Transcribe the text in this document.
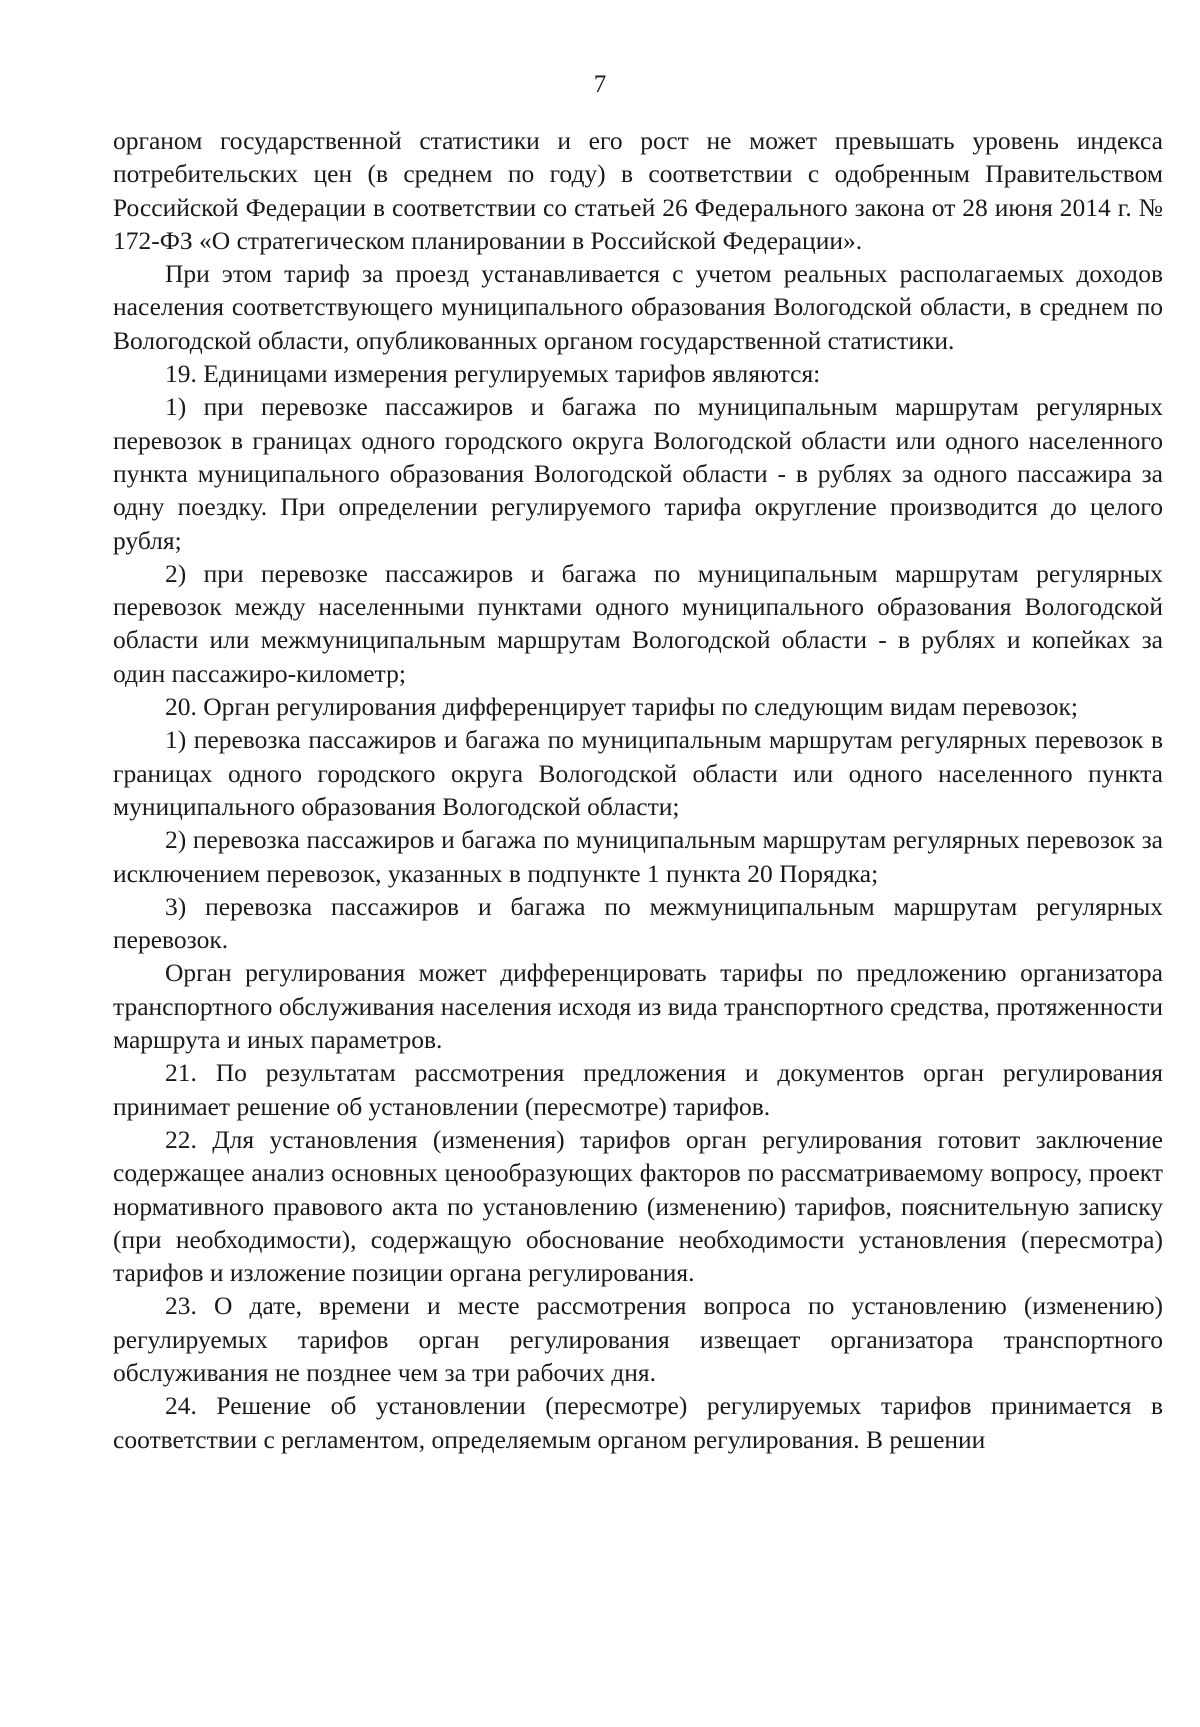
7

органом государственной статистики и его рост не может превышать уровень индекса потребительских цен (в среднем по году) в соответствии с одобренным Правительством Российской Федерации в соответствии со статьей 26 Федерального закона от 28 июня 2014 г. № 172-ФЗ «О стратегическом планировании в Российской Федерации».

При этом тариф за проезд устанавливается с учетом реальных располагаемых доходов населения соответствующего муниципального образования Вологодской области, в среднем по Вологодской области, опубликованных органом государственной статистики.

19. Единицами измерения регулируемых тарифов являются:

1) при перевозке пассажиров и багажа по муниципальным маршрутам регулярных перевозок в границах одного городского округа Вологодской области или одного населенного пункта муниципального образования Вологодской области - в рублях за одного пассажира за одну поездку. При определении регулируемого тарифа округление производится до целого рубля;

2) при перевозке пассажиров и багажа по муниципальным маршрутам регулярных перевозок между населенными пунктами одного муниципального образования Вологодской области или межмуниципальным маршрутам Вологодской области - в рублях и копейках за один пассажиро-километр;

20. Орган регулирования дифференцирует тарифы по следующим видам перевозок;

1) перевозка пассажиров и багажа по муниципальным маршрутам регулярных перевозок в границах одного городского округа Вологодской области или одного населенного пункта муниципального образования Вологодской области;

2) перевозка пассажиров и багажа по муниципальным маршрутам регулярных перевозок за исключением перевозок, указанных в подпункте 1 пункта 20 Порядка;

3) перевозка пассажиров и багажа по межмуниципальным маршрутам регулярных перевозок.

Орган регулирования может дифференцировать тарифы по предложению организатора транспортного обслуживания населения исходя из вида транспортного средства, протяженности маршрута и иных параметров.

21. По результатам рассмотрения предложения и документов орган регулирования принимает решение об установлении (пересмотре) тарифов.

22. Для установления (изменения) тарифов орган регулирования готовит заключение содержащее анализ основных ценообразующих факторов по рассматриваемому вопросу, проект нормативного правового акта по установлению (изменению) тарифов, пояснительную записку (при необходимости), содержащую обоснование необходимости установления (пересмотра) тарифов и изложение позиции органа регулирования.

23. О дате, времени и месте рассмотрения вопроса по установлению (изменению) регулируемых тарифов орган регулирования извещает организатора транспортного обслуживания не позднее чем за три рабочих дня.

24. Решение об установлении (пересмотре) регулируемых тарифов принимается в соответствии с регламентом, определяемым органом регулирования. В решении
